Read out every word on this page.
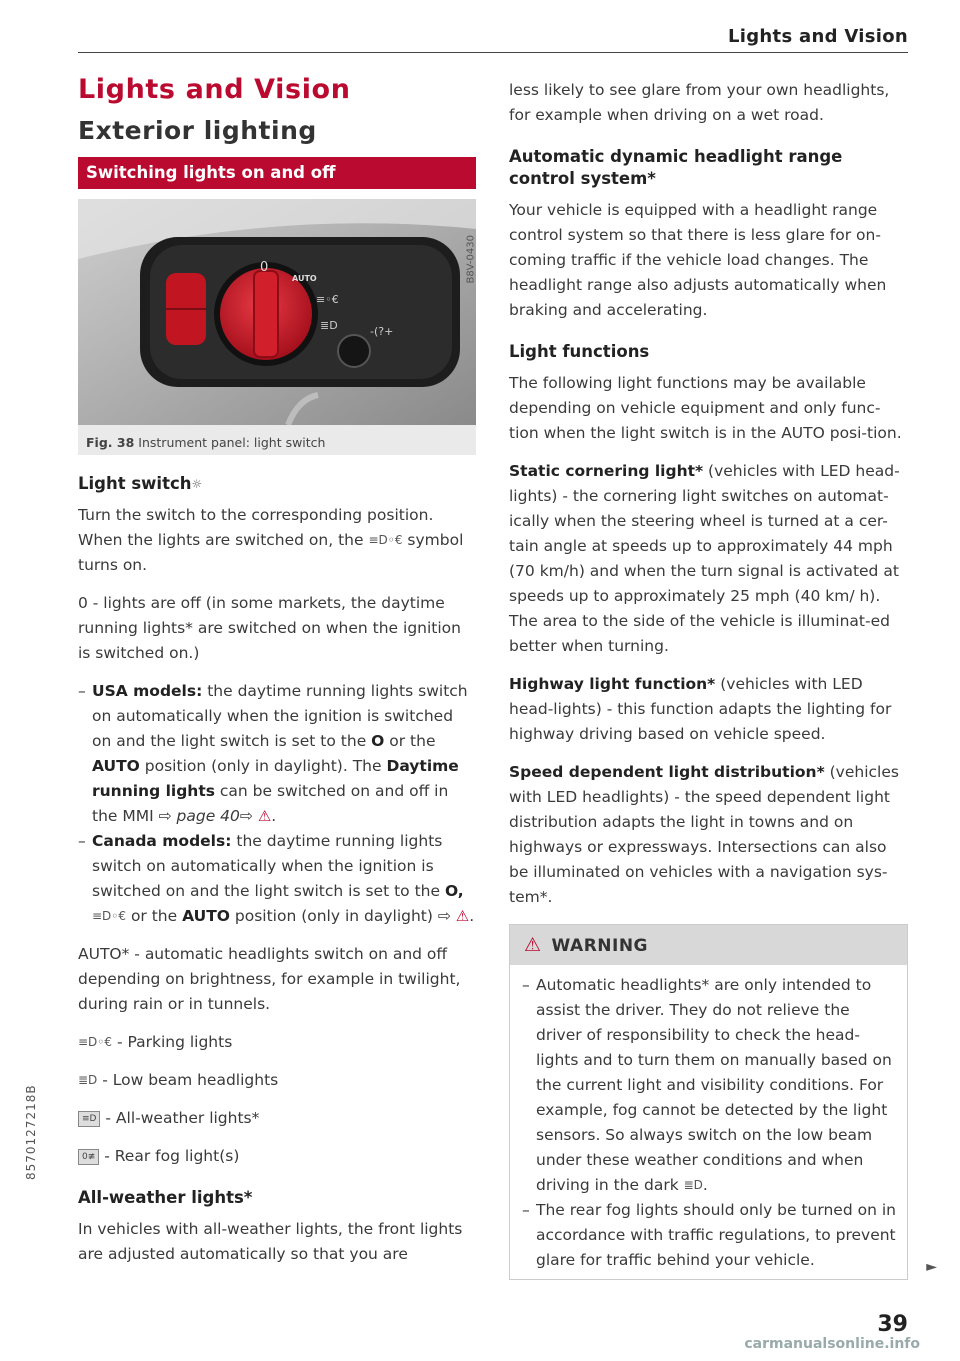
Lights and Vision
8570127218B
39
carmanualsonline.info
Lights and Vision
Exterior lighting
Switching lights on and off
0
AUTO
≡◦€
≣D	-(?+
B8V-0430
Fig. 38 Instrument panel: light switch
Light switch☼

Turn the switch to the corresponding position. When the lights are switched on, the ≡D◦€ symbol turns on.

0 - lights are off (in some markets, the daytime running lights* are switched on when the ignition is switched on.)

– USA models: the daytime running lights switch on automatically when the ignition is switched on and the light switch is set to the O or the AUTO position (only in daylight). The Daytime running lights can be switched on and off in the MMI ⇨ page 40⇨ ⚠.

– Canada models: the daytime running lights switch on automatically when the ignition is switched on and the light switch is set to the O, ≡D◦€ or the AUTO position (only in daylight) ⇨ ⚠.

AUTO* - automatic headlights switch on and off depending on brightness, for example in twilight, during rain or in tunnels.

≡D◦€ - Parking lights

≣D - Low beam headlights

≡D - All-weather lights*

0≢ - Rear fog light(s)

All-weather lights*

In vehicles with all-weather lights, the front lights are adjusted automatically so that you are

less likely to see glare from your own headlights, for example when driving on a wet road.

Automatic dynamic headlight range control system*

Your vehicle is equipped with a headlight range control system so that there is less glare for on-coming traffic if the vehicle load changes. The headlight range also adjusts automatically when braking and accelerating.

Light functions

The following light functions may be available depending on vehicle equipment and only func-tion when the light switch is in the AUTO posi-tion.

Static cornering light* (vehicles with LED head-lights) - the cornering light switches on automat-ically when the steering wheel is turned at a cer-tain angle at speeds up to approximately 44 mph (70 km/h) and when the turn signal is activated at speeds up to approximately 25 mph (40 km/ h). The area to the side of the vehicle is illuminat-ed better when turning.

Highway light function* (vehicles with LED head-lights) - this function adapts the lighting for highway driving based on vehicle speed.

Speed dependent light distribution* (vehicles with LED headlights) - the speed dependent light distribution adapts the light in towns and on highways or expressways. Intersections can also be illuminated on vehicles with a navigation sys-tem*.

⚠ WARNING

– Automatic headlights* are only intended to assist the driver. They do not relieve the driver of responsibility to check the head-lights and to turn them on manually based on the current light and visibility conditions. For example, fog cannot be detected by the light sensors. So always switch on the low beam under these weather conditions and when driving in the dark ≣D.

– The rear fog lights should only be turned on in accordance with traffic regulations, to prevent glare for traffic behind your vehicle.	►
